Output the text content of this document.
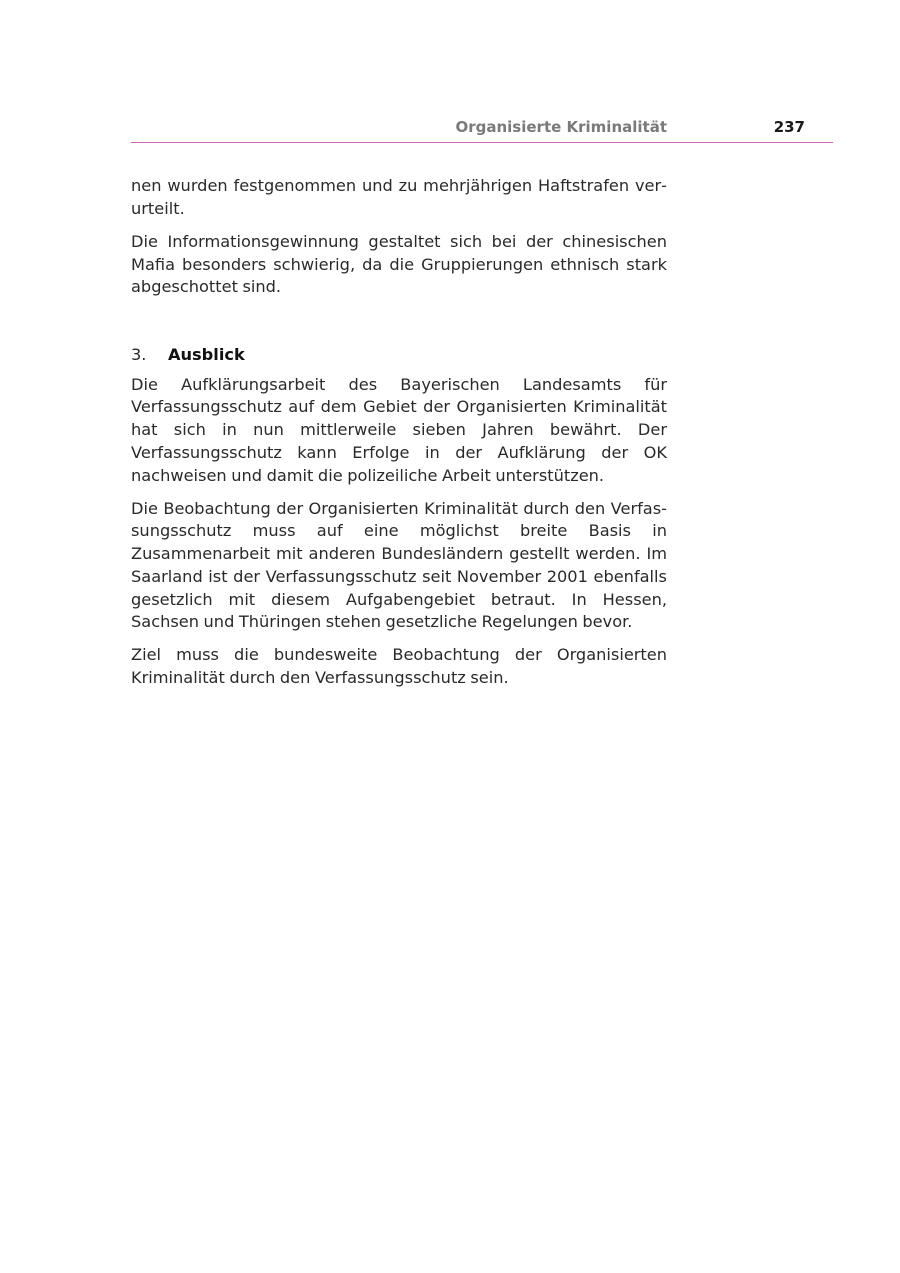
Organisierte Kriminalität	237

nen wurden festgenommen und zu mehrjährigen Haftstrafen verurteilt.

Die Informationsgewinnung gestaltet sich bei der chinesischen Mafia besonders schwierig, da die Gruppierungen ethnisch stark abgeschottet sind.

3. Ausblick

Die Aufklärungsarbeit des Bayerischen Landesamts für Verfassungsschutz auf dem Gebiet der Organisierten Kriminalität hat sich in nun mittlerweile sieben Jahren bewährt. Der Verfassungsschutz kann Erfolge in der Aufklärung der OK nachweisen und damit die polizeiliche Arbeit unterstützen.

Die Beobachtung der Organisierten Kriminalität durch den Verfassungsschutz muss auf eine möglichst breite Basis in Zusammenarbeit mit anderen Bundesländern gestellt werden. Im Saarland ist der Verfassungsschutz seit November 2001 ebenfalls gesetzlich mit diesem Aufgabengebiet betraut. In Hessen, Sachsen und Thüringen stehen gesetzliche Regelungen bevor.

Ziel muss die bundesweite Beobachtung der Organisierten Kriminalität durch den Verfassungsschutz sein.
